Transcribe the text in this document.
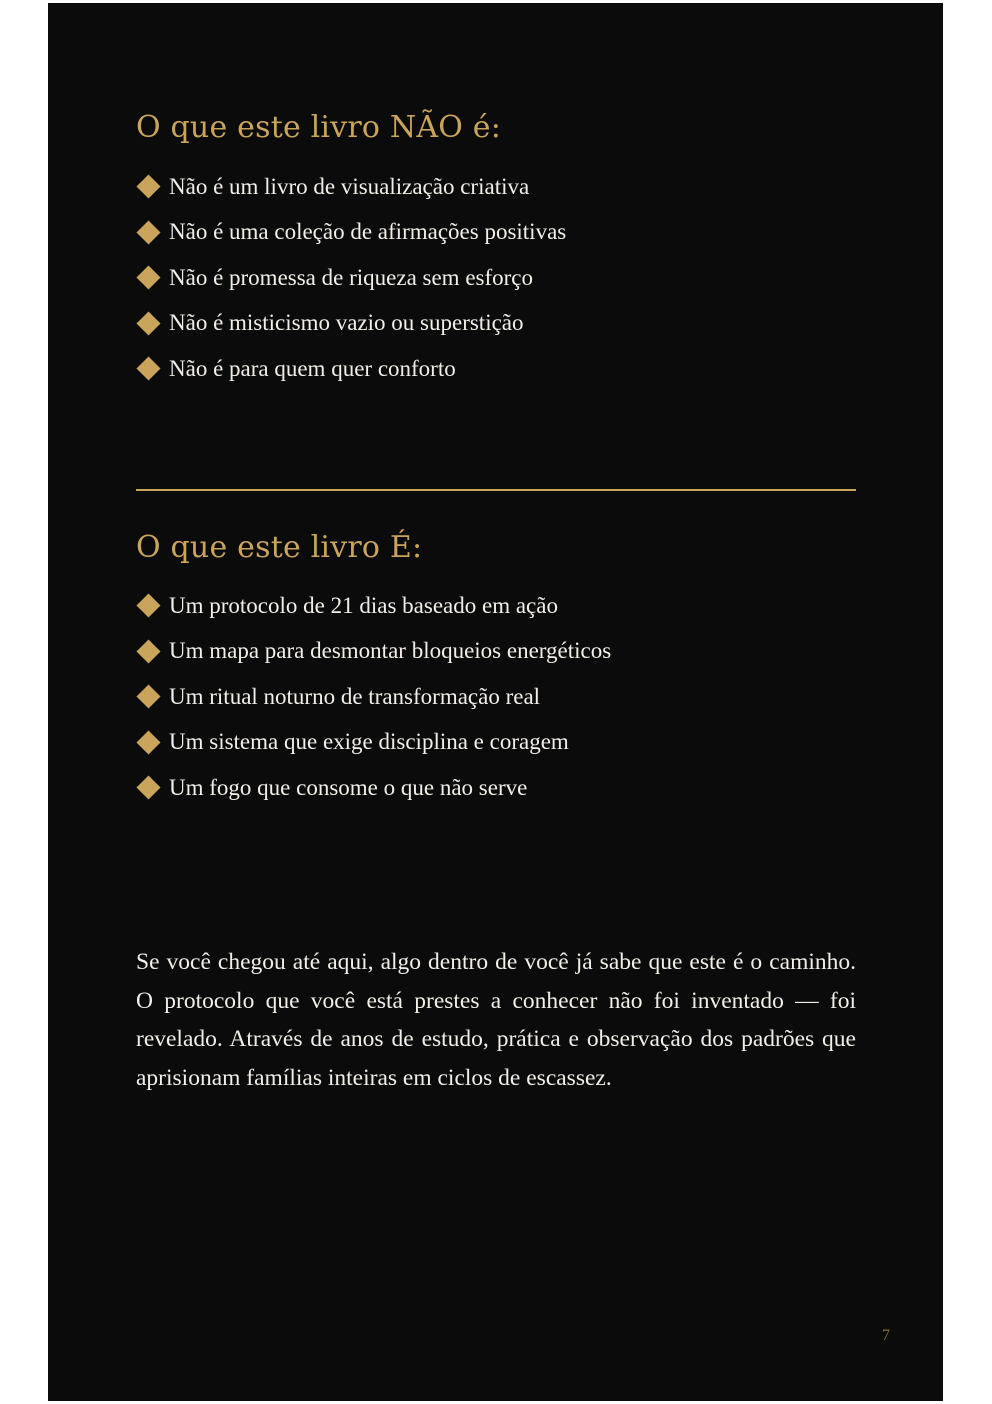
O que este livro NÃO é:
Não é um livro de visualização criativa
Não é uma coleção de afirmações positivas
Não é promessa de riqueza sem esforço
Não é misticismo vazio ou superstição
Não é para quem quer conforto
O que este livro É:
Um protocolo de 21 dias baseado em ação
Um mapa para desmontar bloqueios energéticos
Um ritual noturno de transformação real
Um sistema que exige disciplina e coragem
Um fogo que consome o que não serve

Se você chegou até aqui, algo dentro de você já sabe que este é o caminho. O protocolo que você está prestes a conhecer não foi inventado — foi revelado. Através de anos de estudo, prática e observação dos padrões que aprisionam famílias inteiras em ciclos de escassez.

7
